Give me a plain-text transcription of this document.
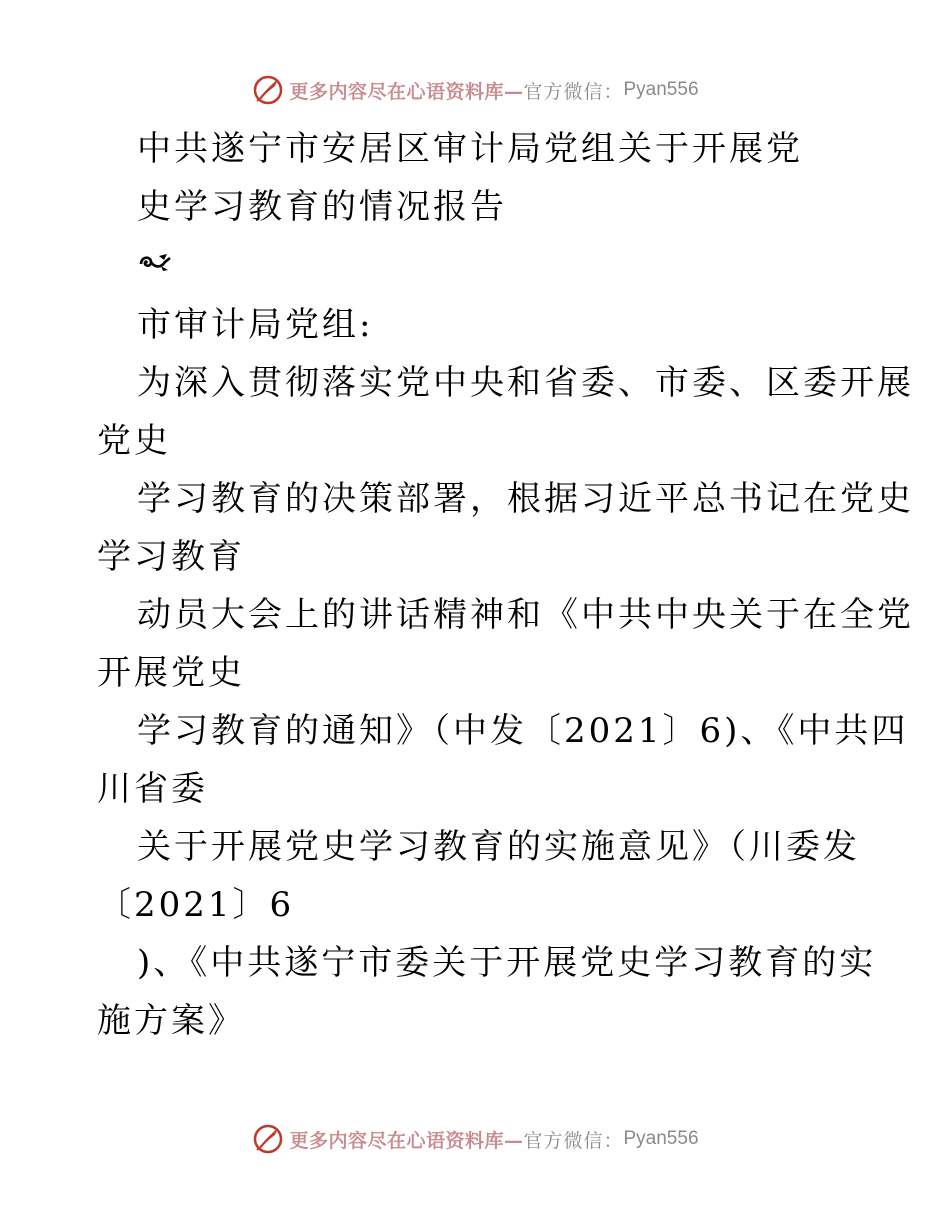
更多内容尽在心语资料库— 官方微信： Pyan556
中共遂宁市安居区审计局党组关于开展党
史学习教育的情况报告
市审计局党组:
为深入贯彻落实党中央和省委、市委、区委开展
党史
学习教育的决策部署，根据习近平总书记在党史
学习教育
动员大会上的讲话精神和《中共中央关于在全党
开展党史
学习教育的通知》（中发〔2021〕6)、《中共四
川省委
关于开展党史学习教育的实施意见》（川委发
〔2021〕6
)、《中共遂宁市委关于开展党史学习教育的实
施方案》
更多内容尽在心语资料库— 官方微信： Pyan556
